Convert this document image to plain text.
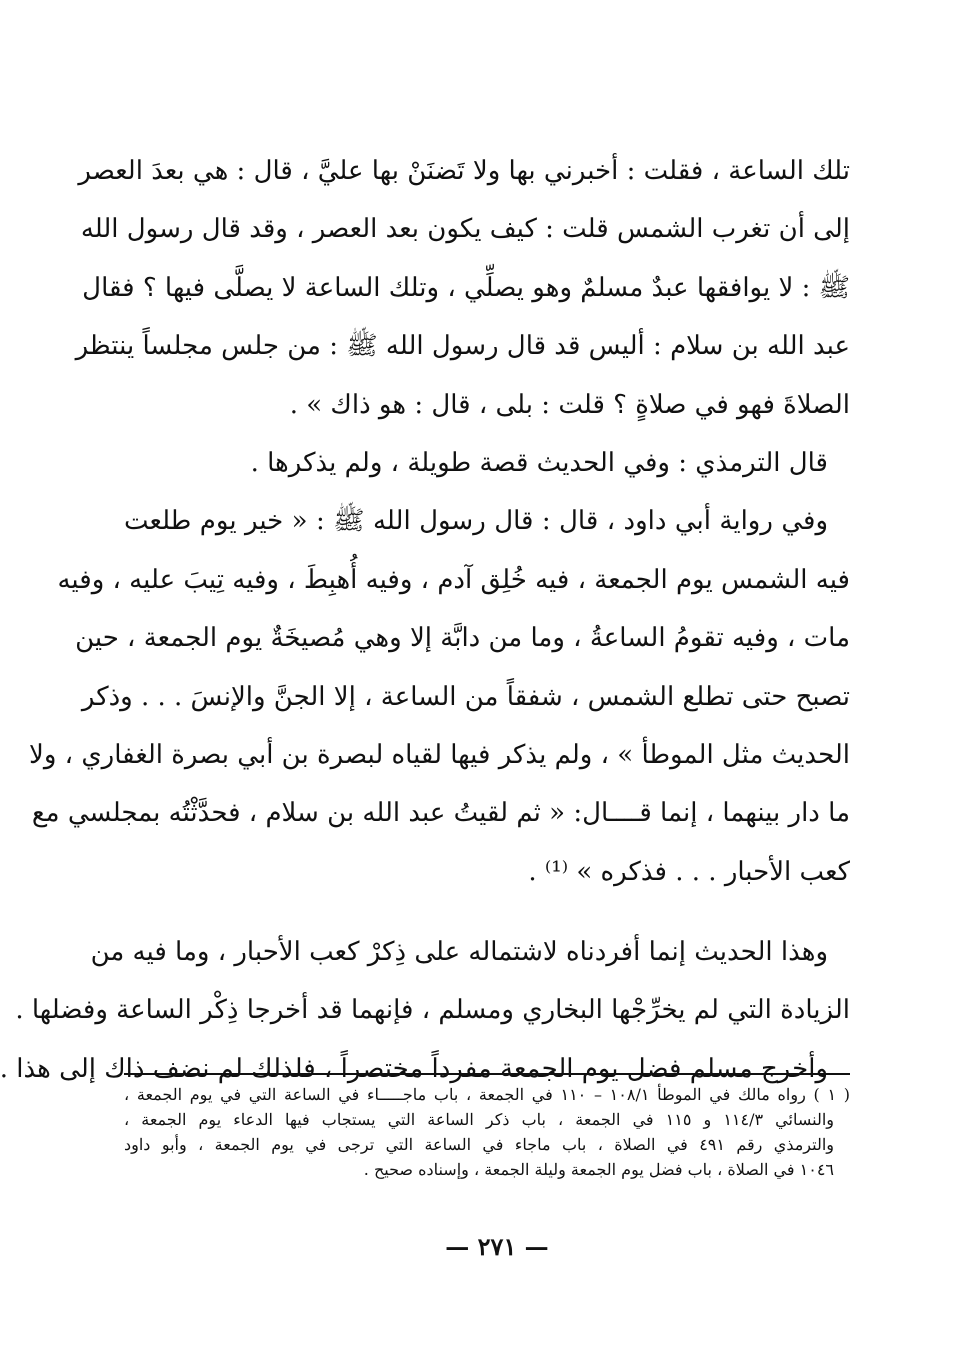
تلك الساعة ، فقلت : أخبرني بها ولا تَضنَنْ بها عليَّ ، قال : هي بعدَ العصر
إلى أن تغرب الشمس قلت : كيف يكون بعد العصر ، وقد قال رسول الله
ﷺ : لا يوافقها عبدٌ مسلمٌ وهو يصلِّي ، وتلك الساعة لا يصلَّى فيها ؟ فقال
عبد الله بن سلام : أليس قد قال رسول الله ﷺ : من جلس مجلساً ينتظر
الصلاةَ فهو في صلاةٍ ؟ قلت : بلى ، قال : هو ذاك » .
قال الترمذي : وفي الحديث قصة طويلة ، ولم يذكرها .
وفي رواية أبي داود ، قال : قال رسول الله ﷺ : « خير يوم طلعت
فيه الشمس يوم الجمعة ، فيه خُلِق آدم ، وفيه أُهبِطَ ، وفيه تِيبَ عليه ، وفيه
مات ، وفيه تقومُ الساعةُ ، وما من دابَّة إلا وهي مُصيخَةٌ يوم الجمعة ، حين
تصبح حتى تطلع الشمس ، شفقاً من الساعة ، إلا الجنَّ والإنسَ . . . وذكر
الحديث مثل الموطأ » ، ولم يذكر فيها لقياه لبصرة بن أبي بصرة الغفاري ، ولا
ما دار بينهما ، إنما قــــال: « ثم لقيتُ عبد الله بن سلام ، فحدَّثْتُه بمجلسي مع
كعب الأحبار . . . فذكره » ⁽¹⁾ .
وهذا الحديث إنما أفردناه لاشتماله على ذِكرْ كعب الأحبار ، وما فيه من
الزيادة التي لم يخرِّجْها البخاري ومسلم ، فإنهما قد أخرجا ذِكْر الساعة وفضلها .
وأخرج مسلم فضل يوم الجمعة مفرداً مختصراً ، فلذلك لم نضف ذاك إلى هذا .
( ١ ) رواه مالك في الموطأ ١٠٨/١ – ١١٠ في الجمعة ، باب ماجـــــاء في الساعة التي في يوم الجمعة ،
والنسائي ١١٤/٣ و ١١٥ في الجمعة ، باب ذكر الساعة التي يستجاب فيها الدعاء يوم الجمعة ،
والترمذي رقم ٤٩١ في الصلاة ، باب ماجاء في الساعة التي ترجى في يوم الجمعة ، وأبو داود
١٠٤٦ في الصلاة ، باب فضل يوم الجمعة وليلة الجمعة ، وإسناده صحيح .
— ٢٧١ —
